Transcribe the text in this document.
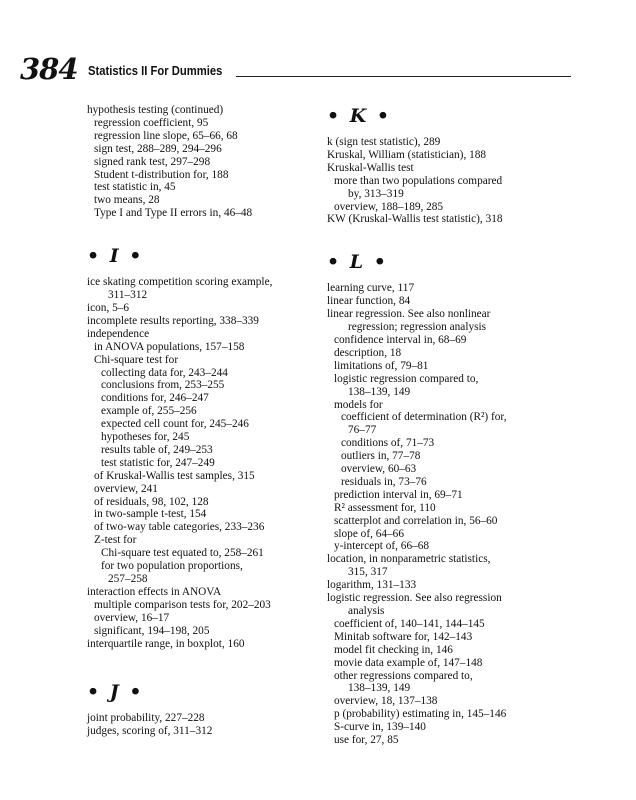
384 Statistics II For Dummies
hypothesis testing (continued)
regression coefficient, 95
regression line slope, 65–66, 68
sign test, 288–289, 294–296
signed rank test, 297–298
Student t-distribution for, 188
test statistic in, 45
two means, 28
Type I and Type II errors in, 46–48
• I •
ice skating competition scoring example,
311–312
icon, 5–6
incomplete results reporting, 338–339
independence
in ANOVA populations, 157–158
Chi-square test for
collecting data for, 243–244
conclusions from, 253–255
conditions for, 246–247
example of, 255–256
expected cell count for, 245–246
hypotheses for, 245
results table of, 249–253
test statistic for, 247–249
of Kruskal-Wallis test samples, 315
overview, 241
of residuals, 98, 102, 128
in two-sample t-test, 154
of two-way table categories, 233–236
Z-test for
Chi-square test equated to, 258–261
for two population proportions,
257–258
interaction effects in ANOVA
multiple comparison tests for, 202–203
overview, 16–17
significant, 194–198, 205
interquartile range, in boxplot, 160
• J •
joint probability, 227–228
judges, scoring of, 311–312
• K •
k (sign test statistic), 289
Kruskal, William (statistician), 188
Kruskal-Wallis test
more than two populations compared
by, 313–319
overview, 188–189, 285
KW (Kruskal-Wallis test statistic), 318
• L •
learning curve, 117
linear function, 84
linear regression. See also nonlinear
regression; regression analysis
confidence interval in, 68–69
description, 18
limitations of, 79–81
logistic regression compared to,
138–139, 149
models for
coefficient of determination (R²) for,
76–77
conditions of, 71–73
outliers in, 77–78
overview, 60–63
residuals in, 73–76
prediction interval in, 69–71
R² assessment for, 110
scatterplot and correlation in, 56–60
slope of, 64–66
y-intercept of, 66–68
location, in nonparametric statistics,
315, 317
logarithm, 131–133
logistic regression. See also regression
analysis
coefficient of, 140–141, 144–145
Minitab software for, 142–143
model fit checking in, 146
movie data example of, 147–148
other regressions compared to,
138–139, 149
overview, 18, 137–138
p (probability) estimating in, 145–146
S-curve in, 139–140
use for, 27, 85
